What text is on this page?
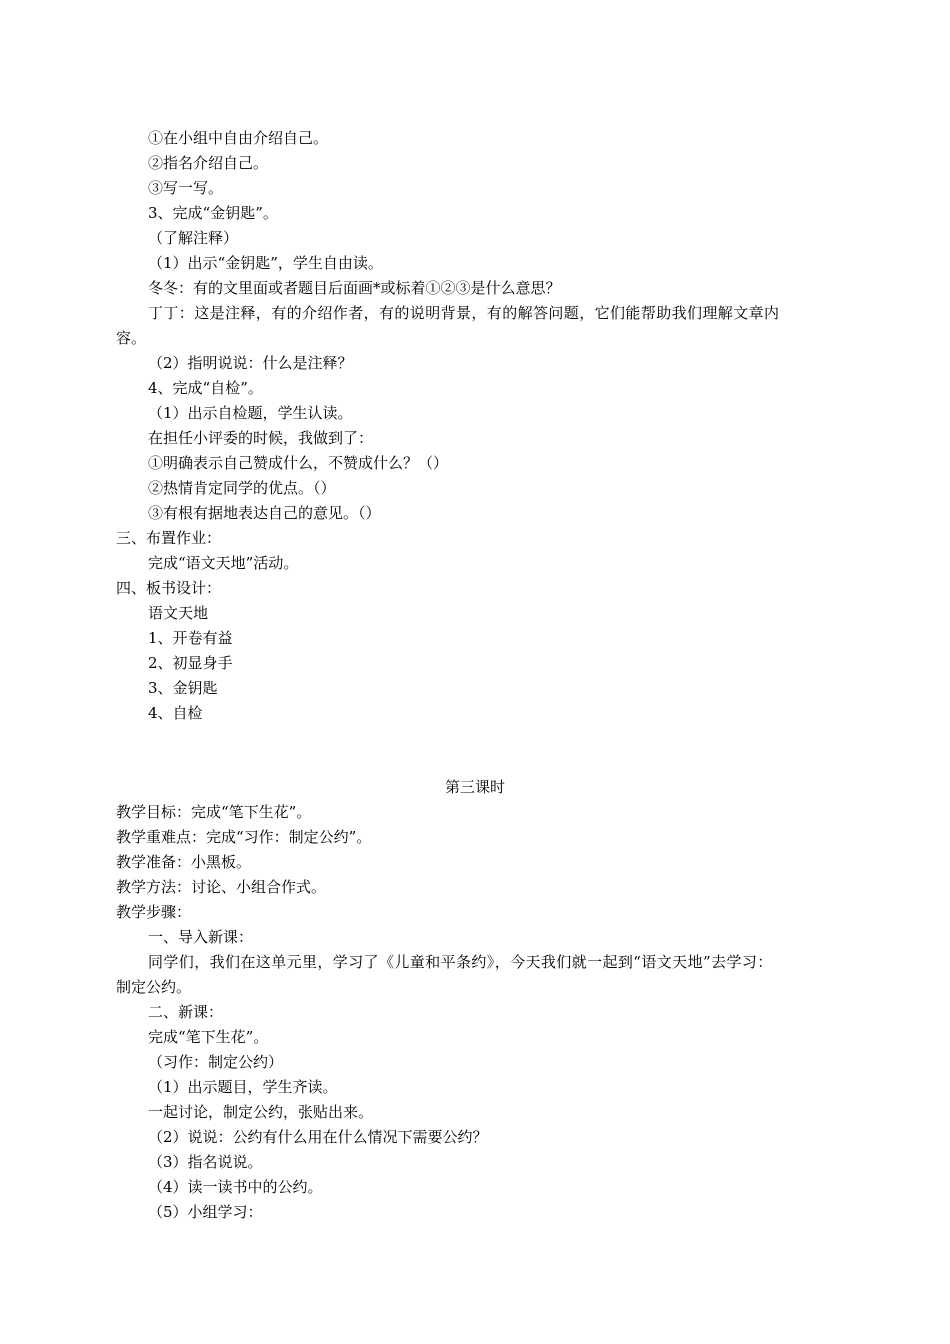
①在小组中自由介绍自己。

②指名介绍自己。

③写一写。

3、完成“金钥匙”。

（了解注释）

（1）出示“金钥匙”，学生自由读。

冬冬：有的文里面或者题目后面画*或标着①②③是什么意思？

丁丁：这是注释，有的介绍作者，有的说明背景，有的解答问题，它们能帮助我们理解文章内

容。

（2）指明说说：什么是注释？

4、完成“自检”。

（1）出示自检题，学生认读。

在担任小评委的时候，我做到了：

①明确表示自己赞成什么，不赞成什么？（）

②热情肯定同学的优点。（）

③有根有据地表达自己的意见。（）

三、布置作业：

完成“语文天地”活动。

四、板书设计：

语文天地

1、开卷有益

2、初显身手

3、金钥匙

4、自检

第三课时

教学目标：完成“笔下生花”。

教学重难点：完成“习作：制定公约”。

教学准备：小黑板。

教学方法：讨论、小组合作式。

教学步骤：

一、导入新课：

同学们，我们在这单元里，学习了《儿童和平条约》，今天我们就一起到“语文天地”去学习：

制定公约。

二、新课：

完成“笔下生花”。

（习作：制定公约）

（1）出示题目，学生齐读。

一起讨论，制定公约，张贴出来。

（2）说说：公约有什么用在什么情况下需要公约？

（3）指名说说。

（4）读一读书中的公约。

（5）小组学习：
